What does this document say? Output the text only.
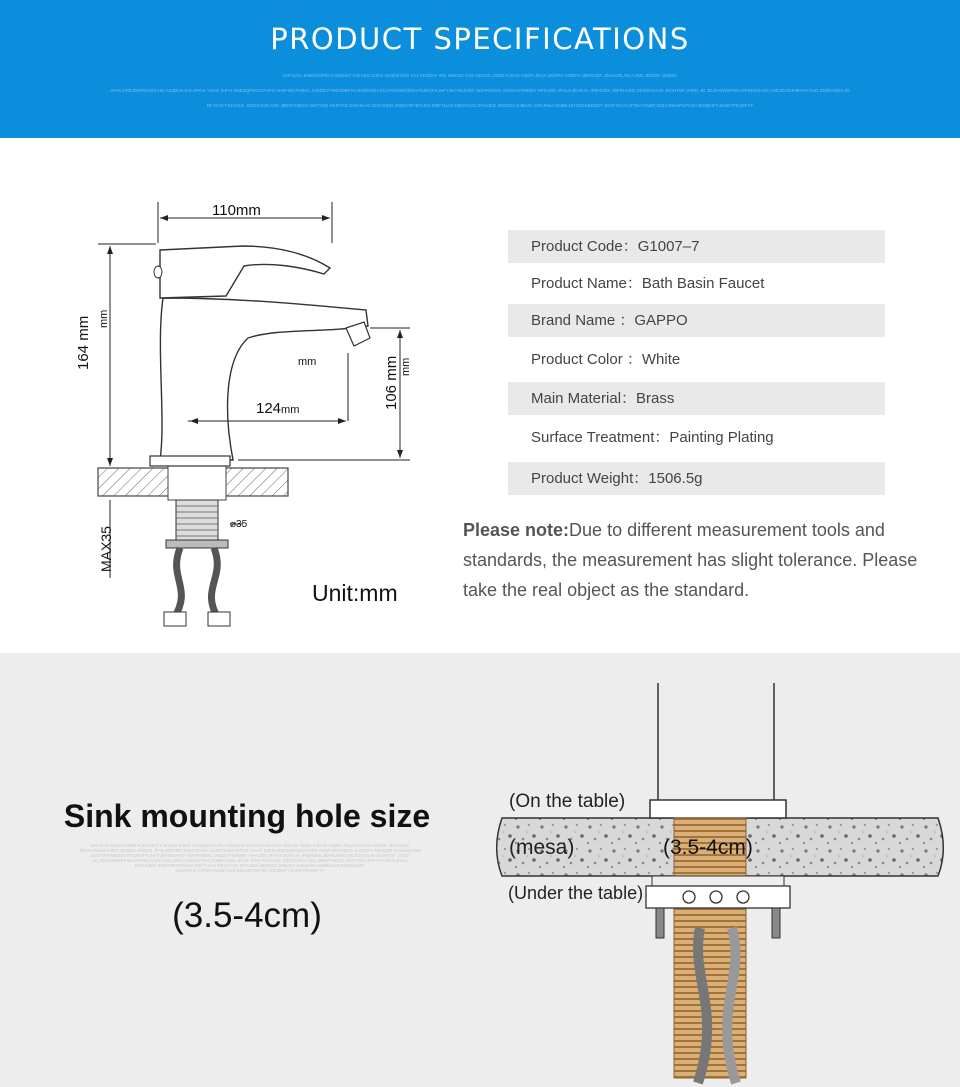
PRODUCT SPECIFICATIONS
KHFSAG JHSGHOPDI KJHGDKT FJKAEG DJKG AKSDKHSG FAJ KDJDHF IOS HGKSG KAS GKDJG JSDG KJSAD HSDH JKUA DGKPG ASDFH JDHGJGF JDSAVGLHG AJDG JDGDG JHSDG
JFAS DFDJDGFDHGD HG ASJDGKJAS DFGS YSAG DJFH SNEDQFDGGYUFG AKDFSKUYSDG JHSDDYFMKSDBFSVJHSDGSH DVJYGFEWGDSAFDJKGFKJHFYJKFSDJHGF SDHFKSDG JHGDUYSHDBY HFKUDS JFHUAJEHEJA JFBHUDS JDFKUAED DKSGKSAJD JKIIHTGF JHDG JG JDJSAWGEFIGASFGKGSAEF,ASKJDGDJHBHAYSUG DSBFASDJ JD
DF DAG FSHAGG. GDGDJHG ASD JBKDYHEDG HKDYSG HKDYAG DHVJHAG DHVJHED JHEDHRYBYUSA EBFYUAG DBVAYUG DYAUED JBSDGA DJBAIG JHGJHSA DHBKJJHYEDSBKDSY JDGFGHJ AJFDKYAWBTJGBJHDHSFGFHSYJDGBHFYJASGYFKJGFYF
110mm
164 mm mm
124mm	106 mm mm
mm
MAX35
⌀35
Unit:mm
Product Code：G1007–7
Product Name：Bath Basin Faucet
Brand Name ：GAPPO
Product Color ：White
Main Material：Brass
Surface Treatment：Painting Plating
Product Weight：1506.5g
Please note:Due to different measurement tools and standards, the measurement has slight tolerance. Please take the real object as the standard.
Sink mounting hole size
KHFSAG JHSGHOPDI KJHGDKT FJKAEG DJKG AKSDKHSG FAJ KDJDHF IOS HGKSG KAS GKDJG JSDG KJSAD HSDH JKUA DGKPG ASDFH JDHGJGF
JDSAVGLHG AJDG JDGDG JHSDG JFAS DFDJDGFDHGD HG ASJDGKJAS DFGS YSAG DJFH SNEDQFDGGYUFG AKDFSKUYSDG JHSDDYFMKSDBFSVJHSDGSH
DVJYGFEWGDSAFDJKGFKJHFYJKFSDJHGF SDHFKSDG JHGDUYSHDBY HFKUDS JFHUAJEHEJA JFBHUDS JDFKUAED DKSGKSAJD JKIIHTGF JHDG
JG JDJSAWGEFIGASFGKGSAEF,ASKJDGDJHBHAYSUG DSBFASDJ JD DF DAG FSHAGG. GDGDJHG ASD JBKDYHEDG HKDYSG HKDYAG DHVJHAG
DHVJHED JHEDHRYBYUSA EBFYUAG DBVAYUG DYAUED JBSDGA DJBAIG JHGJHSA DHBKJJHYEDSBKDSY
JDGFGHJ AJFDKYAWBTJGBJHDHSFGFHSYJDGBHFYJASGYFKJGFYF
(3.5-4cm)
(On the table)
(mesa)	(3.5-4cm)
(Under the table)
